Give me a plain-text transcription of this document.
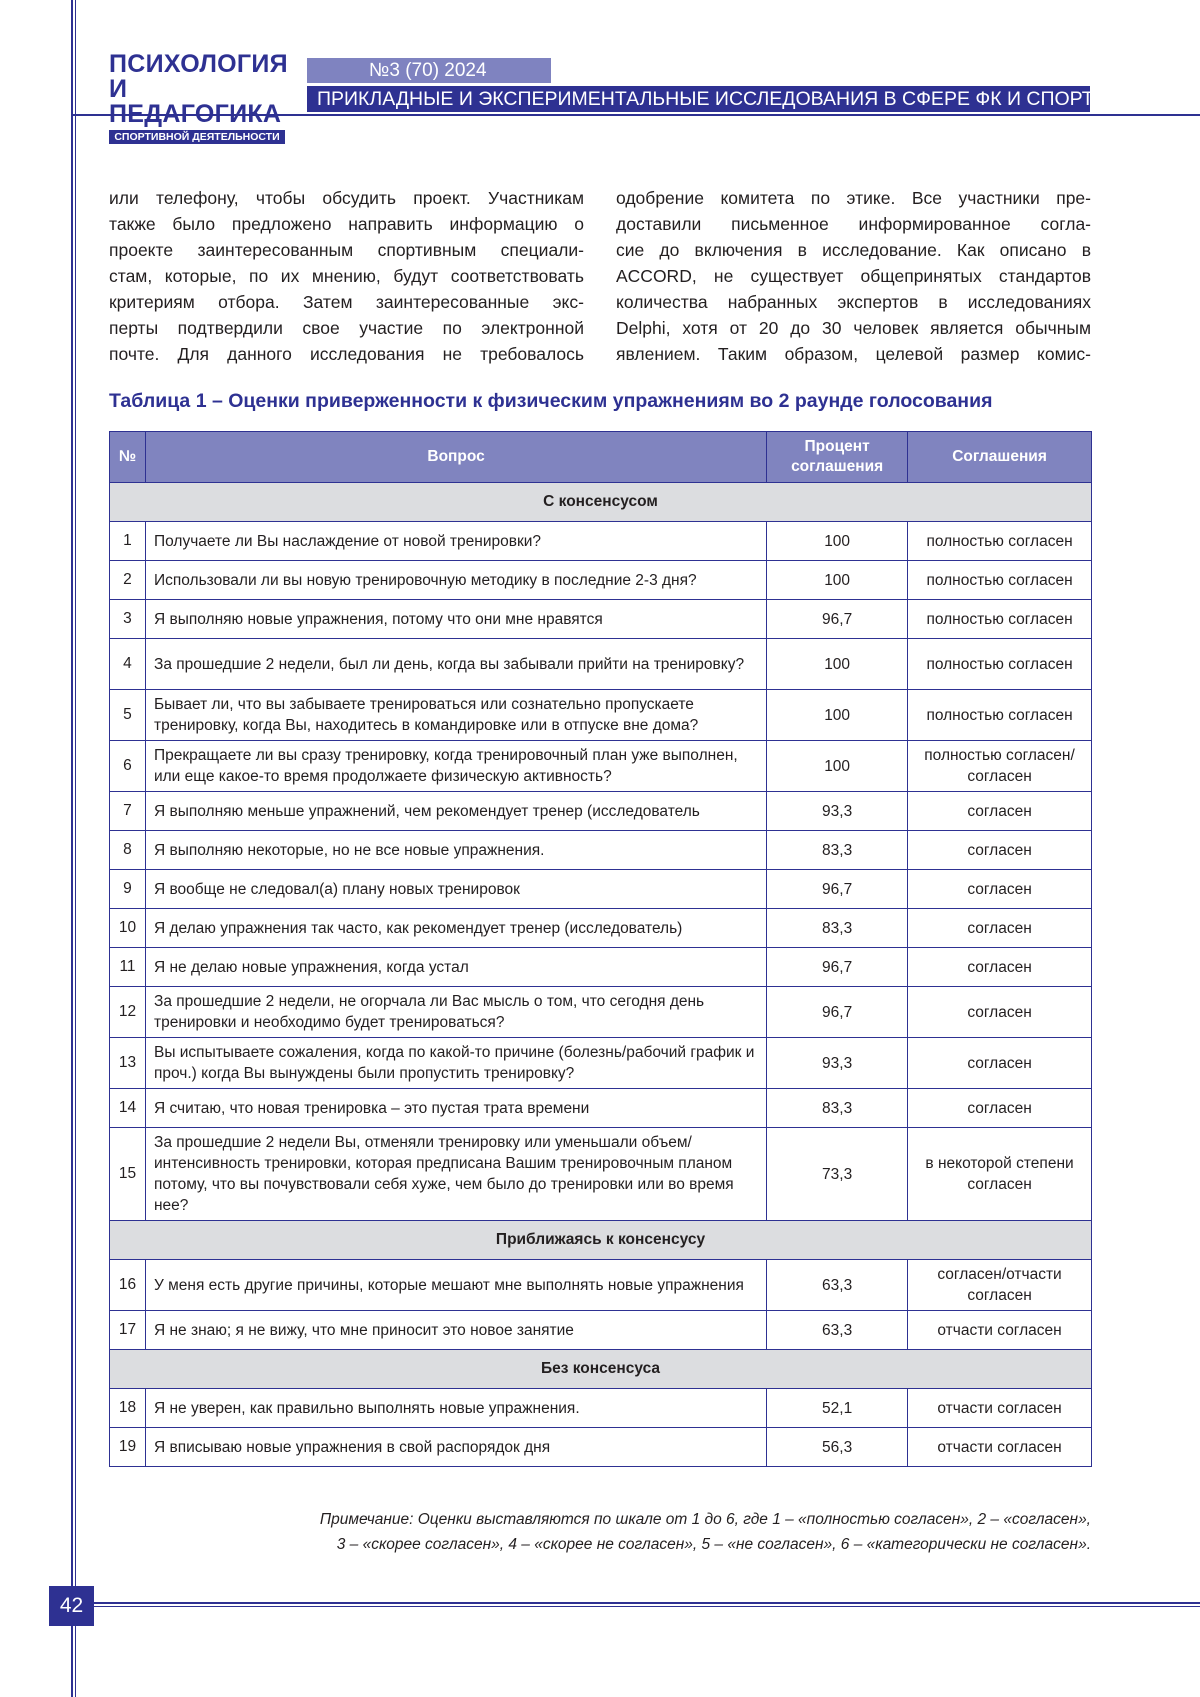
ПСИХОЛОГИЯ
И ПЕДАГОГИКА
СПОРТИВНОЙ ДЕЯТЕЛЬНОСТИ
№3 (70) 2024
ПРИКЛАДНЫЕ И ЭКСПЕРИМЕНТАЛЬНЫЕ ИССЛЕДОВАНИЯ В СФЕРЕ ФК И СПОРТА
или телефону, чтобы обсудить проект. Участникам
также было предложено направить информацию о
проекте заинтересованным спортивным специали-
стам, которые, по их мнению, будут соответствовать
критериям отбора. Затем заинтересованные экс-
перты подтвердили свое участие по электронной
почте. Для данного исследования не требовалось
одобрение комитета по этике. Все участники пре-
доставили письменное информированное согла-
сие до включения в исследование. Как описано в
ACCORD, не существует общепринятых стандартов
количества набранных экспертов в исследованиях
Delphi, хотя от 20 до 30 человек является обычным
явлением. Таким образом, целевой размер комис-
Таблица 1 – Оценки приверженности к физическим упражнениям во 2 раунде голосования
№	Вопрос	Процент соглашения	Соглашения
С консенсусом			
1	Получаете ли Вы наслаждение от новой тренировки?	100	полностью согласен
2	Использовали ли вы новую тренировочную методику в последние 2-3 дня?	100	полностью согласен
3	Я выполняю новые упражнения, потому что они мне нравятся	96,7	полностью согласен
4	За прошедшие 2 недели, был ли день, когда вы забывали прийти на тренировку?	100	полностью согласен
5	Бывает ли, что вы забываете тренироваться или сознательно пропускаете тренировку, когда Вы, находитесь в командировке или в отпуске вне дома?	100	полностью согласен
6	Прекращаете ли вы сразу тренировку, когда тренировочный план уже выполнен, или еще какое-то время продолжаете физическую активность?	100	полностью согласен/ согласен
7	Я выполняю меньше упражнений, чем рекомендует тренер (исследователь	93,3	согласен
8	Я выполняю некоторые, но не все новые упражнения.	83,3	согласен
9	Я вообще не следовал(а) плану новых тренировок	96,7	согласен
10	Я делаю упражнения так часто, как рекомендует тренер (исследователь)	83,3	согласен
11	Я не делаю новые упражнения, когда устал	96,7	согласен
12	За прошедшие 2 недели, не огорчала ли Вас мысль о том, что сегодня день тренировки и необходимо будет тренироваться?	96,7	согласен
13	Вы испытываете сожаления, когда по какой-то причине (болезнь/рабочий график и проч.) когда Вы вынуждены были пропустить тренировку?	93,3	согласен
14	Я считаю, что новая тренировка – это пустая трата времени	83,3	согласен
15	За прошедшие 2 недели Вы, отменяли тренировку или уменьшали объем/ интенсивность тренировки, которая предписана Вашим тренировочным планом потому, что вы почувствовали себя хуже, чем было до тренировки или во время нее?	73,3	в некоторой степени согласен
Приближаясь к консенсусу			
16	У меня есть другие причины, которые мешают мне выполнять новые упражнения	63,3	согласен/отчасти согласен
17	Я не знаю; я не вижу, что мне приносит это новое занятие	63,3	отчасти согласен
Без консенсуса			
18	Я не уверен, как правильно выполнять новые упражнения.	52,1	отчасти согласен
19	Я вписываю новые упражнения в свой распорядок дня	56,3	отчасти согласен
Примечание: Оценки выставляются по шкале от 1 до 6, где 1 – «полностью согласен», 2 – «согласен»,
3 – «скорее согласен», 4 – «скорее не согласен», 5 – «не согласен», 6 – «категорически не согласен».
42
